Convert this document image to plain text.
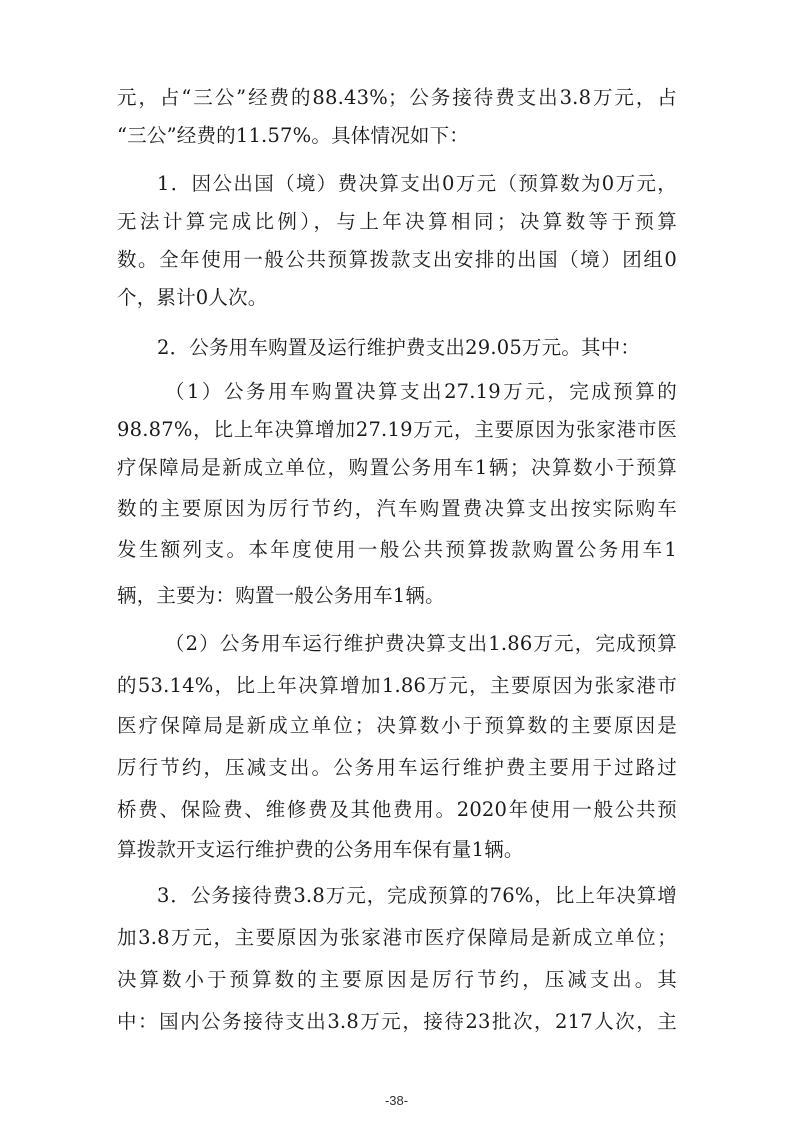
元，占“三公”经费的88.43%；公务接待费支出3.8万元，占
“三公”经费的11.57%。具体情况如下：
1．因公出国（境）费决算支出0万元（预算数为0万元，
无法计算完成比例），与上年决算相同；决算数等于预算
数。全年使用一般公共预算拨款支出安排的出国（境）团组0
个，累计0人次。
2．公务用车购置及运行维护费支出29.05万元。其中：
（1）公务用车购置决算支出27.19万元，完成预算的
98.87%，比上年决算增加27.19万元，主要原因为张家港市医
疗保障局是新成立单位，购置公务用车1辆；决算数小于预算
数的主要原因为厉行节约，汽车购置费决算支出按实际购车
发生额列支。本年度使用一般公共预算拨款购置公务用车1
辆，主要为：购置一般公务用车1辆。
（2）公务用车运行维护费决算支出1.86万元，完成预算
的53.14%，比上年决算增加1.86万元，主要原因为张家港市
医疗保障局是新成立单位；决算数小于预算数的主要原因是
厉行节约，压减支出。公务用车运行维护费主要用于过路过
桥费、保险费、维修费及其他费用。2020年使用一般公共预
算拨款开支运行维护费的公务用车保有量1辆。
3．公务接待费3.8万元，完成预算的76%，比上年决算增
加3.8万元，主要原因为张家港市医疗保障局是新成立单位；
决算数小于预算数的主要原因是厉行节约，压减支出。其
中：国内公务接待支出3.8万元，接待23批次，217人次，主
-38-
